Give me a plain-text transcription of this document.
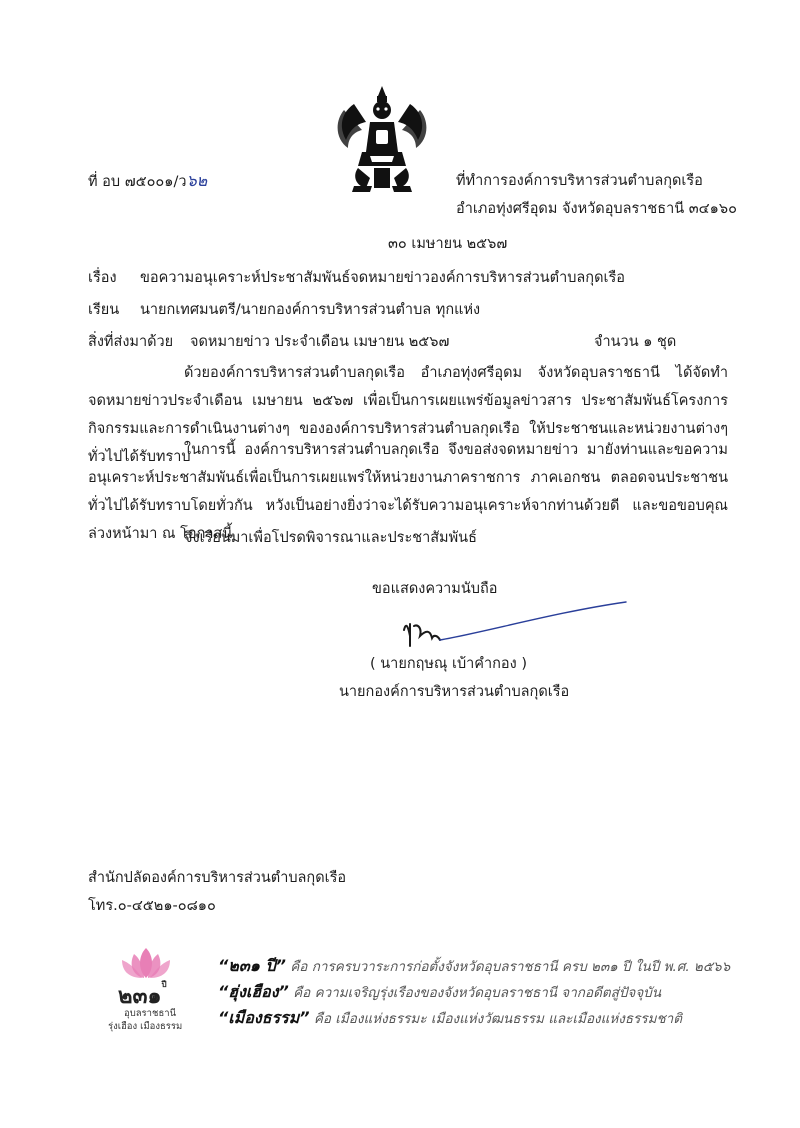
ที่ อบ ๗๕๐๐๑/ว๖๒	ที่ทำการองค์การบริหารส่วนตำบลกุดเรือ
อำเภอทุ่งศรีอุดม จังหวัดอุบลราชธานี ๓๔๑๖๐
๓๐ เมษายน ๒๕๖๗
เรื่อง ขอความอนุเคราะห์ประชาสัมพันธ์จดหมายข่าวองค์การบริหารส่วนตำบลกุดเรือ
เรียน นายกเทศมนตรี/นายกองค์การบริหารส่วนตำบล ทุกแห่ง
สิ่งที่ส่งมาด้วย จดหมายข่าว ประจำเดือน เมษายน ๒๕๖๗	จำนวน ๑ ชุด
ด้วยองค์การบริหารส่วนตำบลกุดเรือ อำเภอทุ่งศรีอุดม จังหวัดอุบลราชธานี ได้จัดทำจดหมายข่าวประจำเดือน เมษายน ๒๕๖๗ เพื่อเป็นการเผยแพร่ข้อมูลข่าวสาร ประชาสัมพันธ์โครงการ กิจกรรมและการดำเนินงานต่างๆ ขององค์การบริหารส่วนตำบลกุดเรือ ให้ประชาชนและหน่วยงานต่างๆ ทั่วไปได้รับทราบ
ในการนี้ องค์การบริหารส่วนตำบลกุดเรือ จึงขอส่งจดหมายข่าว มายังท่านและขอความอนุเคราะห์ประชาสัมพันธ์เพื่อเป็นการเผยแพร่ให้หน่วยงานภาคราชการ ภาคเอกชน ตลอดจนประชาชนทั่วไปได้รับทราบโดยทั่วกัน หวังเป็นอย่างยิ่งว่าจะได้รับความอนุเคราะห์จากท่านด้วยดี และขอขอบคุณล่วงหน้ามา ณ โอกาสนี้
จึงเรียนมาเพื่อโปรดพิจารณาและประชาสัมพันธ์
ขอแสดงความนับถือ
( นายกฤษณุ เบ้าคำกอง )
นายกองค์การบริหารส่วนตำบลกุดเรือ
สำนักปลัดองค์การบริหารส่วนตำบลกุดเรือ
โทร.๐-๔๕๒๑-๐๘๑๐
๒๓๑$^{ปี}$
อุบลราชธานี
รุ่งเฮือง เมืองธรรม
“๒๓๑ ปี” คือ การครบวาระการก่อตั้งจังหวัดอุบลราชธานี ครบ ๒๓๑ ปี ในปี พ.ศ. ๒๕๖๖
“ฮุ่งเฮือง” คือ ความเจริญรุ่งเรืองของจังหวัดอุบลราชธานี จากอดีตสู่ปัจจุบัน
“เมืองธรรม” คือ เมืองแห่งธรรมะ เมืองแห่งวัฒนธรรม และเมืองแห่งธรรมชาติ
